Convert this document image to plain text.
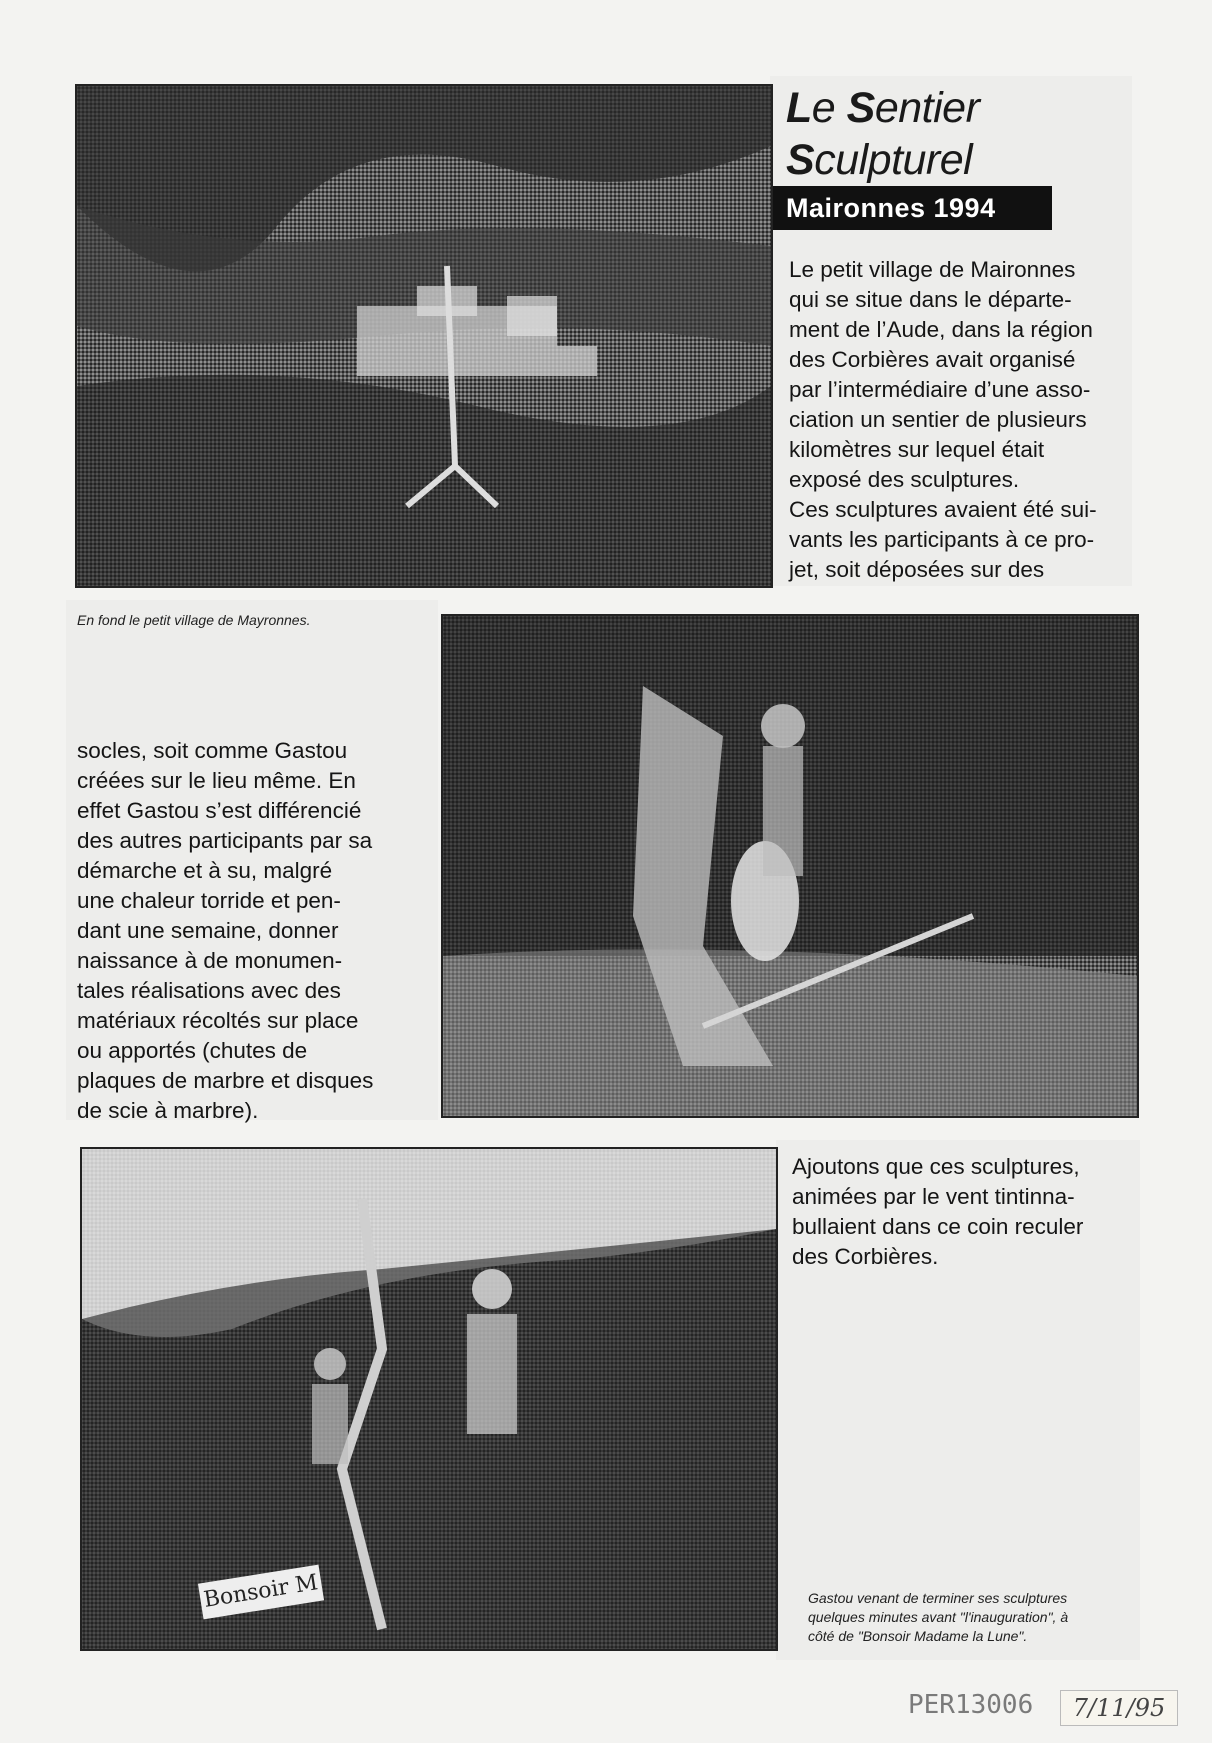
Le Sentier
Sculpturel
Maironnes 1994

En fond le petit village de Mayronnes.

Le petit village de Maironnes
qui se situe dans le départe-
ment de l’Aude, dans la région
des Corbières avait organisé
par l’intermédiaire d’une asso-
ciation un sentier de plusieurs
kilomètres sur lequel était
exposé des sculptures.
Ces sculptures avaient été sui-
vants les participants à ce pro-
jet, soit déposées sur des
socles, soit comme Gastou
créées sur le lieu même. En
effet Gastou s’est différencié
des autres participants par sa
démarche et à su, malgré
une chaleur torride et pen-
dant une semaine, donner
naissance à de monumen-
tales réalisations avec des
matériaux récoltés sur place
ou apportés (chutes de
plaques de marbre et disques
de scie à marbre).
Bonsoir M
Ajoutons que ces sculptures,
animées par le vent tintinna-
bullaient dans ce coin reculer
des Corbières.

Gastou venant de terminer ses sculptures
quelques minutes avant "l'inauguration", à
côté de "Bonsoir Madame la Lune".

PER13006	7/11/95
